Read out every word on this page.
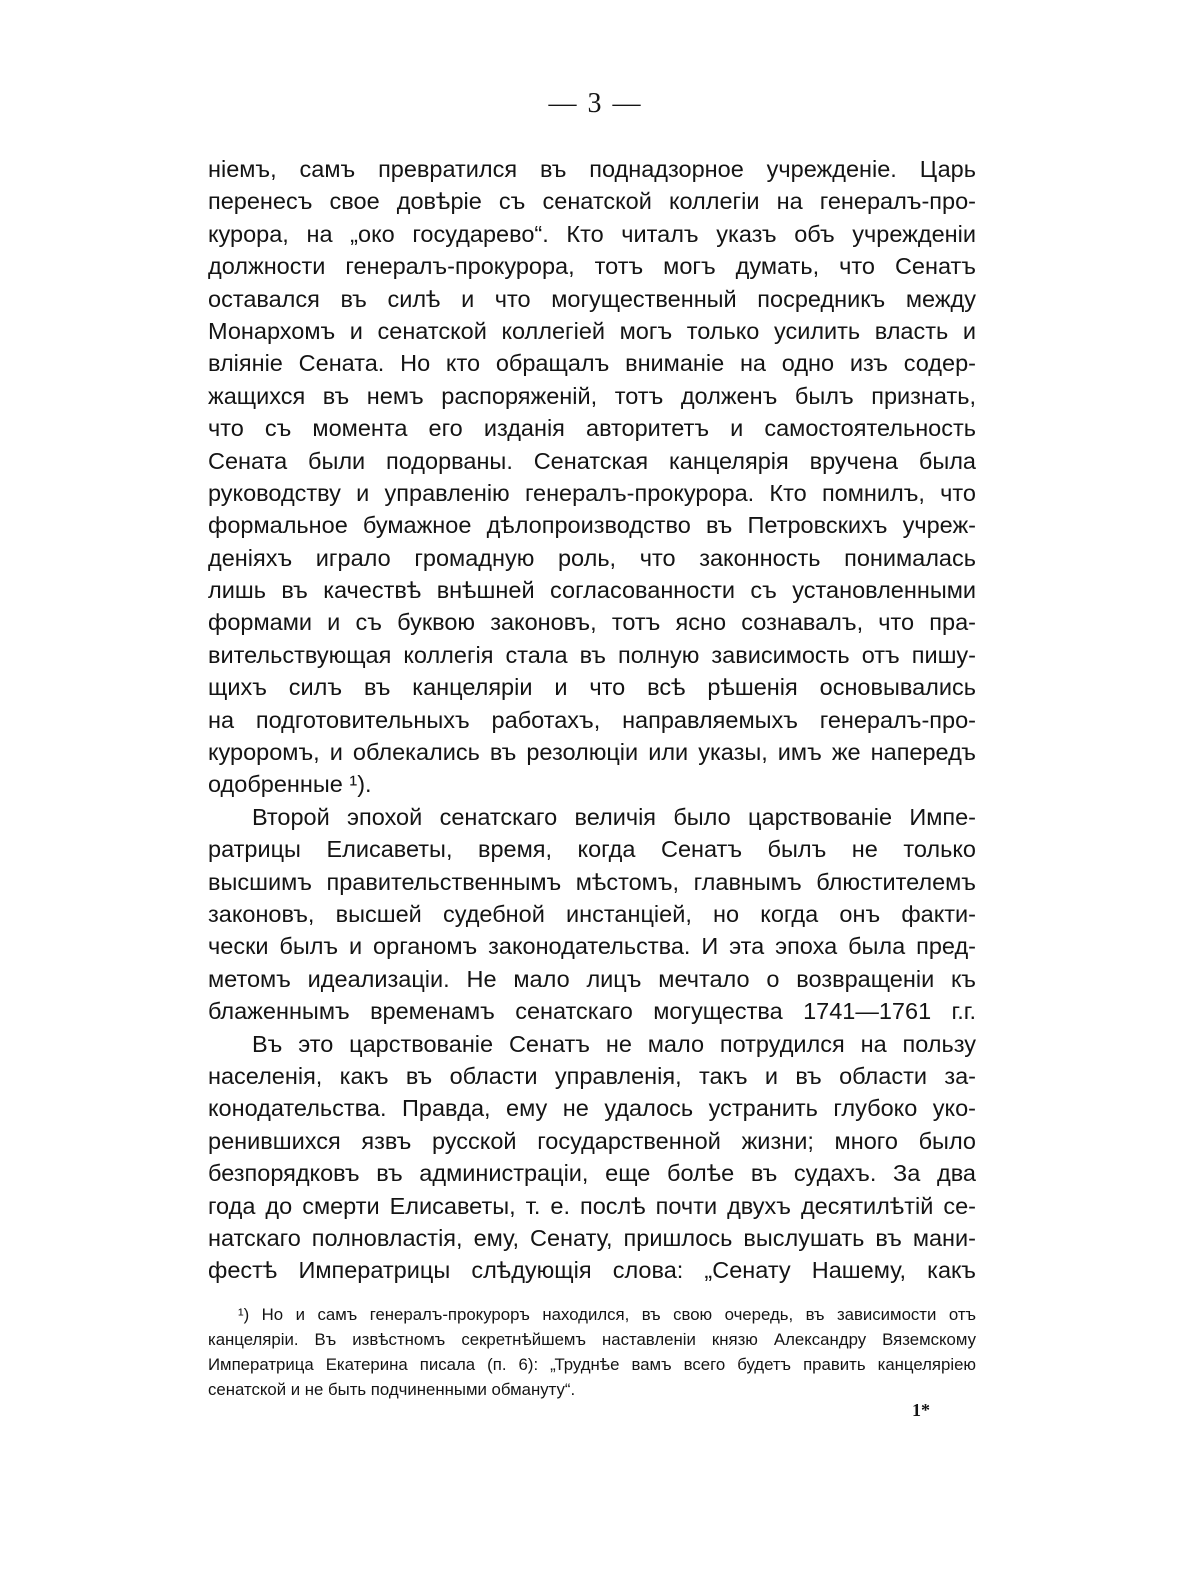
— 3 —
ніемъ, самъ превратился въ поднадзорное учрежденіе. Царь
перенесъ свое довѣріе съ сенатской коллегіи на генералъ-про-
курора, на „око государево“. Кто читалъ указъ объ учрежденіи
должности генералъ-прокурора, тотъ могъ думать, что Сенатъ
оставался въ силѣ и что могущественный посредникъ между
Монархомъ и сенатской коллегіей могъ только усилить власть и
вліяніе Сената. Но кто обращалъ вниманіе на одно изъ содер-
жащихся въ немъ распоряженій, тотъ долженъ былъ признать,
что съ момента его изданія авторитетъ и самостоятельность
Сената были подорваны. Сенатская канцелярія вручена была
руководству и управленію генералъ-прокурора. Кто помнилъ, что
формальное бумажное дѣлопроизводство въ Петровскихъ учреж-
деніяхъ играло громадную роль, что законность понималась
лишь въ качествѣ внѣшней согласованности съ установленными
формами и съ буквою законовъ, тотъ ясно сознавалъ, что пра-
вительствующая коллегія стала въ полную зависимость отъ пишу-
щихъ силъ въ канцеляріи и что всѣ рѣшенія основывались
на подготовительныхъ работахъ, направляемыхъ генералъ-про-
куроромъ, и облекались въ резолюціи или указы, имъ же напередъ
одобренные ¹).
Второй эпохой сенатскаго величія было царствованіе Импе-
ратрицы Елисаветы, время, когда Сенатъ былъ не только
высшимъ правительственнымъ мѣстомъ, главнымъ блюстителемъ
законовъ, высшей судебной инстанціей, но когда онъ факти-
чески былъ и органомъ законодательства. И эта эпоха была пред-
метомъ идеализаціи. Не мало лицъ мечтало о возвращеніи къ
блаженнымъ временамъ сенатскаго могущества 1741—1761 г.г.
Въ это царствованіе Сенатъ не мало потрудился на пользу
населенія, какъ въ области управленія, такъ и въ области за-
конодательства. Правда, ему не удалось устранить глубоко уко-
ренившихся язвъ русской государственной жизни; много было
безпорядковъ въ администраціи, еще болѣе въ судахъ. За два
года до смерти Елисаветы, т. е. послѣ почти двухъ десятилѣтій се-
натскаго полновластія, ему, Сенату, пришлось выслушать въ мани-
фестѣ Императрицы слѣдующія слова: „Сенату Нашему, какъ
¹) Но и самъ генералъ-прокуроръ находился, въ свою очередь, въ зависимости отъ
канцеляріи. Въ извѣстномъ секретнѣйшемъ наставленіи князю Александру Вяземскому
Императрица Екатерина писала (п. 6): „Труднѣе вамъ всего будетъ править канцеляріею
сенатской и не быть подчиненными обмануту“.
1*
